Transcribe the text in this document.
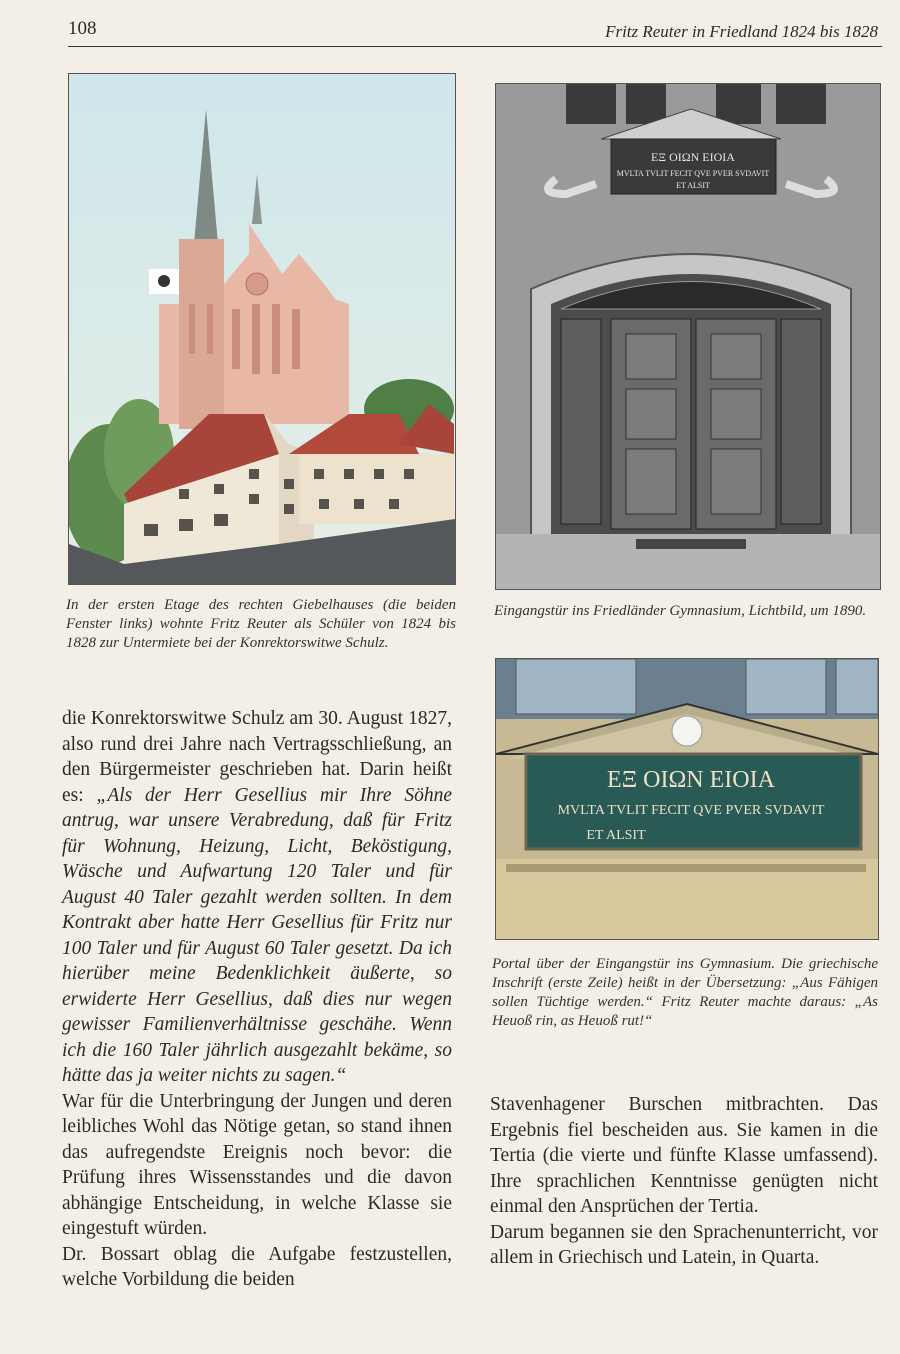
108	Fritz Reuter in Friedland 1824 bis 1828
In der ersten Etage des rechten Giebelhauses (die beiden Fenster links) wohnte Fritz Reuter als Schüler von 1824 bis 1828 zur Untermiete bei der Konrektorswitwe Schulz.
ΕΞ ΟΙΩΝ ΕΙΟΙΑ
MVLTA TVLIT FECIT QVE PVER SVDAVIT
ET ALSIT
Eingangstür ins Friedländer Gymnasium, Lichtbild, um 1890.
ΕΞ ΟΙΩΝ ΕΙΟΙΑ
MVLTA TVLIT FECIT QVE PVER SVDAVIT
ET ALSIT
Portal über der Eingangstür ins Gymnasium. Die griechische Inschrift (erste Zeile) heißt in der Übersetzung: „Aus Fähigen sollen Tüchtige werden.“ Fritz Reuter machte daraus: „As Heuoß rin, as Heuoß rut!“

die Konrektorswitwe Schulz am 30. August 1827, also rund drei Jahre nach Vertragsschließung, an den Bürgermeister geschrieben hat. Darin heißt es: „Als der Herr Gesellius mir Ihre Söhne antrug, war unsere Verabredung, daß für Fritz für Wohnung, Heizung, Licht, Beköstigung, Wäsche und Aufwartung 120 Taler und für August 40 Taler gezahlt werden sollten. In dem Kontrakt aber hatte Herr Gesellius für Fritz nur 100 Taler und für August 60 Taler gesetzt. Da ich hierüber meine Bedenklichkeit äußerte, so erwiderte Herr Gesellius, daß dies nur wegen gewisser Familienverhältnisse geschähe. Wenn ich die 160 Taler jährlich ausgezahlt bekäme, so hätte das ja weiter nichts zu sagen.“

War für die Unterbringung der Jungen und deren leibliches Wohl das Nötige getan, so stand ihnen das aufregendste Ereignis noch bevor: die Prüfung ihres Wissensstandes und die davon abhängige Entscheidung, in welche Klasse sie eingestuft würden.

Dr. Bossart oblag die Aufgabe festzustellen, welche Vorbildung die beiden

Stavenhagener Burschen mitbrachten. Das Ergebnis fiel bescheiden aus. Sie kamen in die Tertia (die vierte und fünfte Klasse umfassend). Ihre sprachlichen Kenntnisse genügten nicht einmal den Ansprüchen der Tertia.

Darum begannen sie den Sprachenunterricht, vor allem in Griechisch und Latein, in Quarta.
